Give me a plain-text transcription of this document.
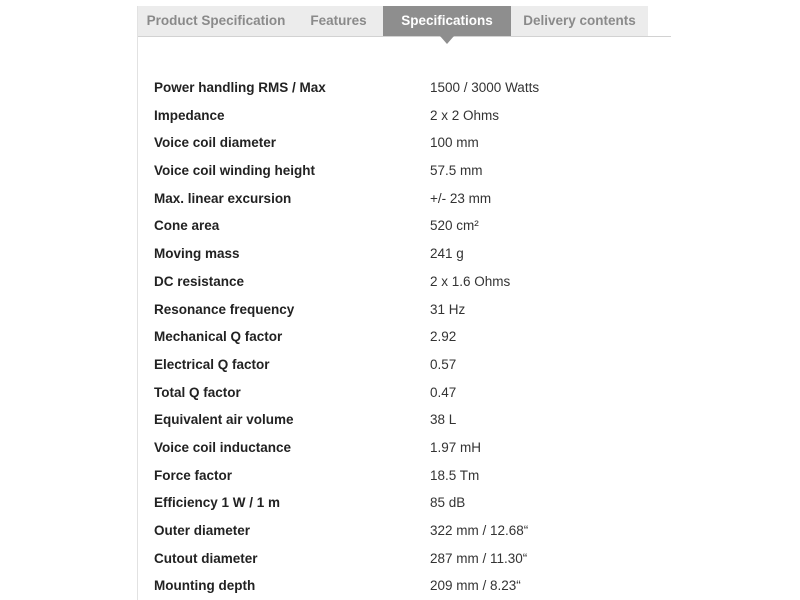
Product Specification	Features	Specifications	Delivery contents
Power handling RMS / Max	1500 / 3000 Watts
Impedance	2 x 2 Ohms
Voice coil diameter	100 mm
Voice coil winding height	57.5 mm
Max. linear excursion	+/- 23 mm
Cone area	520 cm²
Moving mass	241 g
DC resistance	2 x 1.6 Ohms
Resonance frequency	31 Hz
Mechanical Q factor	2.92
Electrical Q factor	0.57
Total Q factor	0.47
Equivalent air volume	38 L
Voice coil inductance	1.97 mH
Force factor	18.5 Tm
Efficiency 1 W / 1 m	85 dB
Outer diameter	322 mm / 12.68“
Cutout diameter	287 mm / 11.30“
Mounting depth	209 mm / 8.23“
